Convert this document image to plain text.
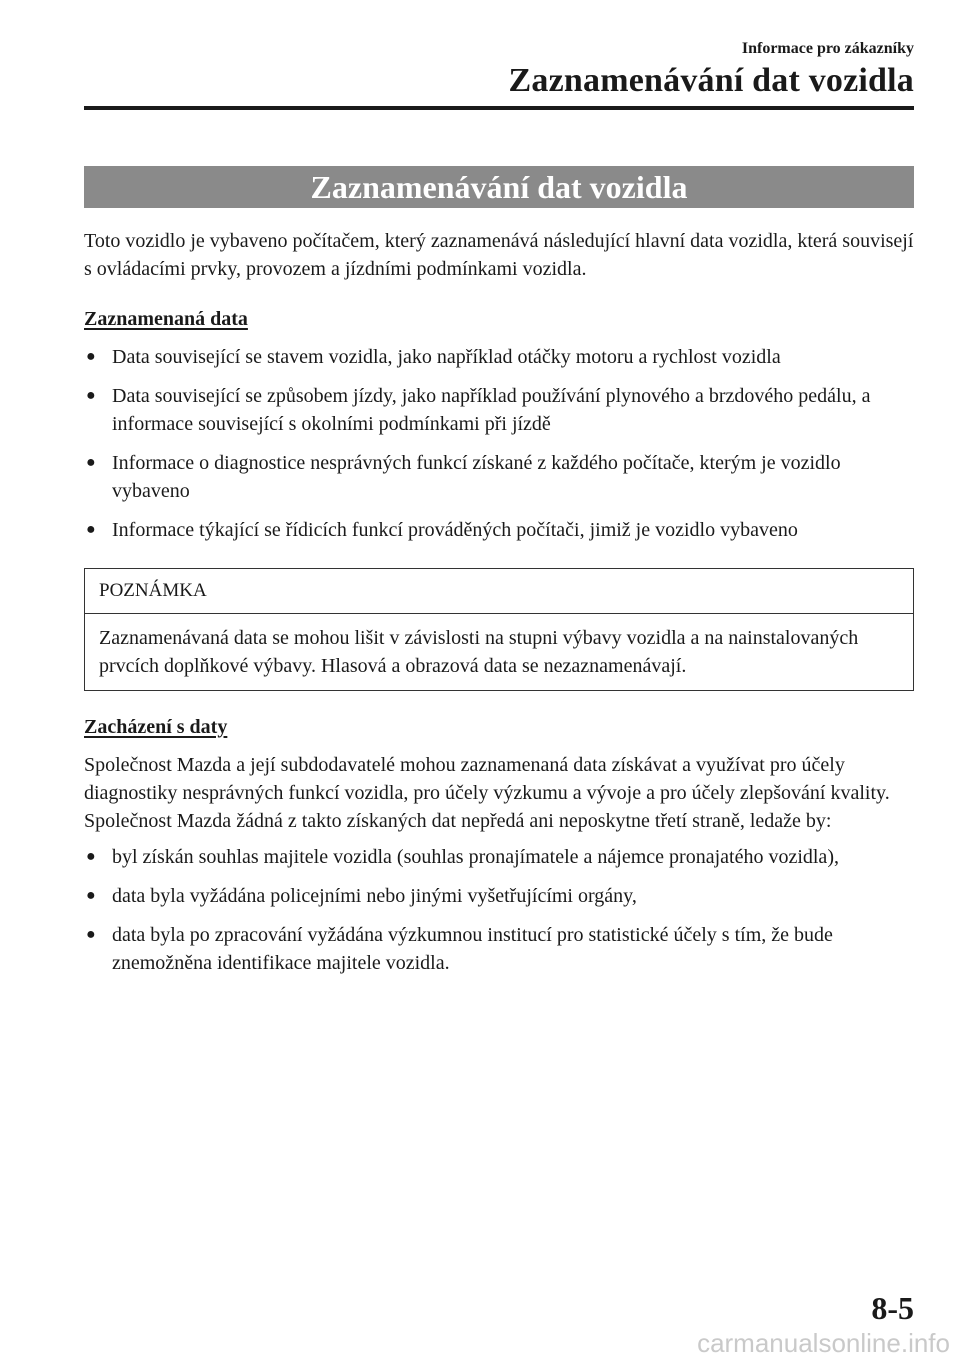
Informace pro zákazníky
Zaznamenávání dat vozidla
Zaznamenávání dat vozidla

Toto vozidlo je vybaveno počítačem, který zaznamenává následující hlavní data vozidla, která souvisejí s ovládacími prvky, provozem a jízdními podmínkami vozidla.

Zaznamenaná data

● Data související se stavem vozidla, jako například otáčky motoru a rychlost vozidla
● Data související se způsobem jízdy, jako například používání plynového a brzdového pedálu, a informace související s okolními podmínkami při jízdě
● Informace o diagnostice nesprávných funkcí získané z každého počítače, kterým je vozidlo vybaveno
● Informace týkající se řídicích funkcí prováděných počítači, jimiž je vozidlo vybaveno
POZNÁMKA
Zaznamenávaná data se mohou lišit v závislosti na stupni výbavy vozidla a na nainstalovaných prvcích doplňkové výbavy. Hlasová a obrazová data se nezaznamenávají.

Zacházení s daty

Společnost Mazda a její subdodavatelé mohou zaznamenaná data získávat a využívat pro účely diagnostiky nesprávných funkcí vozidla, pro účely výzkumu a vývoje a pro účely zlepšování kvality.

Společnost Mazda žádná z takto získaných dat nepředá ani neposkytne třetí straně, ledaže by:

● byl získán souhlas majitele vozidla (souhlas pronajímatele a nájemce pronajatého vozidla),
● data byla vyžádána policejními nebo jinými vyšetřujícími orgány,
● data byla po zpracování vyžádána výzkumnou institucí pro statistické účely s tím, že bude znemožněna identifikace majitele vozidla.
8-5
carmanualsonline.info
